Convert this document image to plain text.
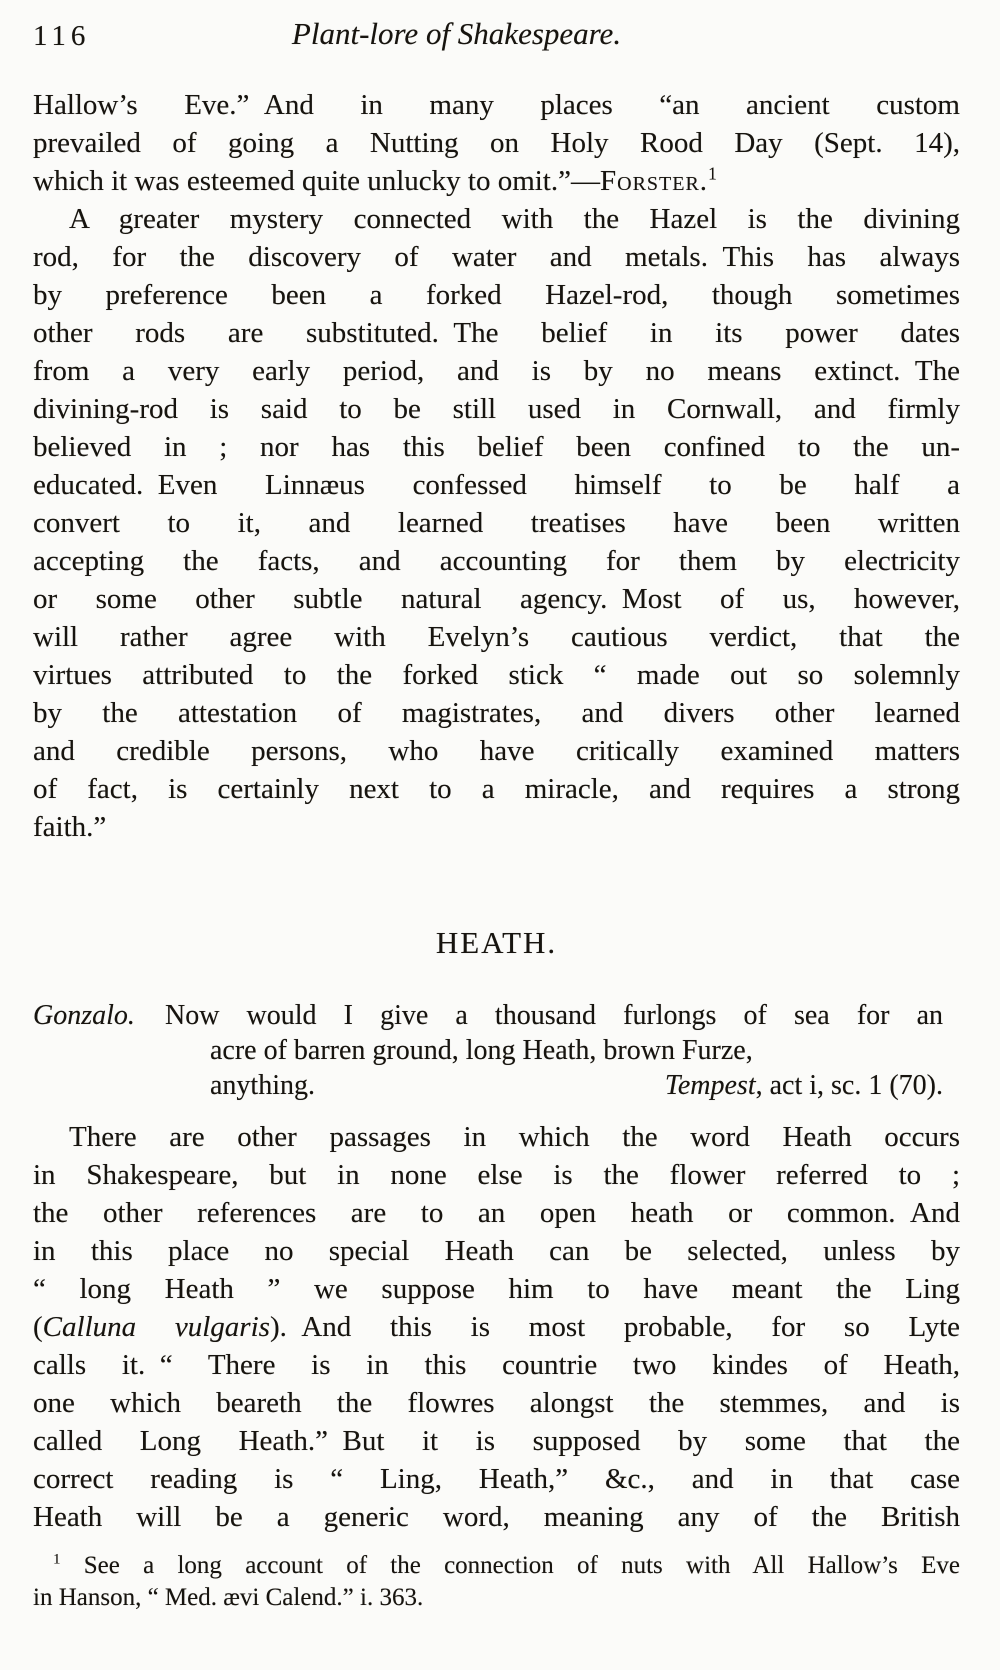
116	Plant-lore of Shakespeare.
Hallow’s Eve.” And in many places “an ancient custom
prevailed of going a Nutting on Holy Rood Day (Sept. 14),
which it was esteemed quite unlucky to omit.”—Forster.$^1$
A greater mystery connected with the Hazel is the divining
rod, for the discovery of water and metals. This has always
by preference been a forked Hazel-rod, though sometimes
other rods are substituted. The belief in its power dates
from a very early period, and is by no means extinct. The
divining-rod is said to be still used in Cornwall, and firmly
believed in ; nor has this belief been confined to the un-
educated. Even Linnæus confessed himself to be half a
convert to it, and learned treatises have been written
accepting the facts, and accounting for them by electricity
or some other subtle natural agency. Most of us, however,
will rather agree with Evelyn’s cautious verdict, that the
virtues attributed to the forked stick “ made out so solemnly
by the attestation of magistrates, and divers other learned
and credible persons, who have critically examined matters
of fact, is certainly next to a miracle, and requires a strong
faith.”
HEATH.
Gonzalo.	Now would I give a thousand furlongs of sea for an
acre of barren ground, long Heath, brown Furze,
anything.	Tempest, act i, sc. 1 (70).
There are other passages in which the word Heath occurs
in Shakespeare, but in none else is the flower referred to ;
the other references are to an open heath or common. And
in this place no special Heath can be selected, unless by
“ long Heath ” we suppose him to have meant the Ling
(Calluna vulgaris). And this is most probable, for so Lyte
calls it. “ There is in this countrie two kindes of Heath,
one which beareth the flowres alongst the stemmes, and is
called Long Heath.” But it is supposed by some that the
correct reading is “ Ling, Heath,” &c., and in that case
Heath will be a generic word, meaning any of the British
$^1$ See a long account of the connection of nuts with All Hallow’s Eve
in Hanson, “ Med. ævi Calend.” i. 363.
